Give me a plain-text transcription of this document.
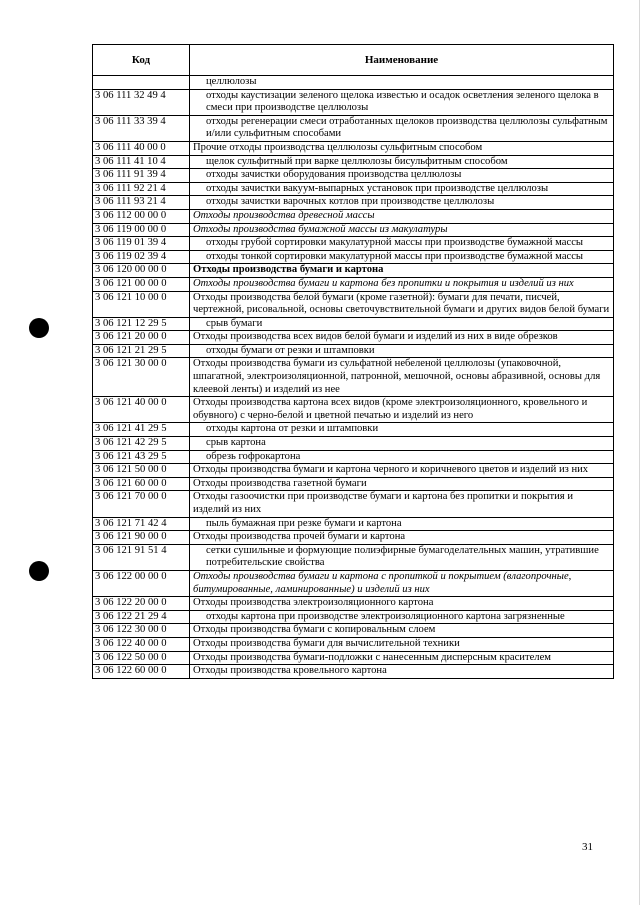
Код	Наименование
	целлюлозы
3 06 111 32 49 4	отходы каустизации зеленого щелока известью и осадок осветления зеленого щелока в смеси при производстве целлюлозы
3 06 111 33 39 4	отходы регенерации смеси отработанных щелоков производства целлюлозы сульфатным и/или сульфитным способами
3 06 111 40 00 0	Прочие отходы производства целлюлозы сульфитным способом
3 06 111 41 10 4	щелок сульфитный при варке целлюлозы бисульфитным способом
3 06 111 91 39 4	отходы зачистки оборудования производства целлюлозы
3 06 111 92 21 4	отходы зачистки вакуум-выпарных установок при производстве целлюлозы
3 06 111 93 21 4	отходы зачистки варочных котлов при производстве целлюлозы
3 06 112 00 00 0	Отходы производства древесной массы
3 06 119 00 00 0	Отходы производства бумажной массы из макулатуры
3 06 119 01 39 4	отходы грубой сортировки макулатурной массы при производстве бумажной массы
3 06 119 02 39 4	отходы тонкой сортировки макулатурной массы при производстве бумажной массы
3 06 120 00 00 0	Отходы производства бумаги и картона
3 06 121 00 00 0	Отходы производства бумаги и картона без пропитки и покрытия и изделий из них
3 06 121 10 00 0	Отходы производства белой бумаги (кроме газетной): бумаги для печати, писчей, чертежной, рисовальной, основы светочувствительной бумаги и других видов белой бумаги
3 06 121 12 29 5	срыв бумаги
3 06 121 20 00 0	Отходы производства всех видов белой бумаги и изделий из них в виде обрезков
3 06 121 21 29 5	отходы бумаги от резки и штамповки
3 06 121 30 00 0	Отходы производства бумаги из сульфатной небеленой целлюлозы (упаковочной, шпагатной, электроизоляционной, патронной, мешочной, основы абразивной, основы для клеевой ленты) и изделий из нее
3 06 121 40 00 0	Отходы производства картона всех видов (кроме электроизоляционного, кровельного и обувного) с черно-белой и цветной печатью и изделий из него
3 06 121 41 29 5	отходы картона от резки и штамповки
3 06 121 42 29 5	срыв картона
3 06 121 43 29 5	обрезь гофрокартона
3 06 121 50 00 0	Отходы производства бумаги и картона черного и коричневого цветов и изделий из них
3 06 121 60 00 0	Отходы производства газетной бумаги
3 06 121 70 00 0	Отходы газоочистки при производстве бумаги и картона без пропитки и покрытия и изделий из них
3 06 121 71 42 4	пыль бумажная при резке бумаги и картона
3 06 121 90 00 0	Отходы производства прочей бумаги и картона
3 06 121 91 51 4	сетки сушильные и формующие полиэфирные бумагоделательных машин, утратившие потребительские свойства
3 06 122 00 00 0	Отходы производства бумаги и картона с пропиткой и покрытием (влагопрочные, битумированные, ламинированные) и изделий из них
3 06 122 20 00 0	Отходы производства электроизоляционного картона
3 06 122 21 29 4	отходы картона при производстве электроизоляционного картона загрязненные
3 06 122 30 00 0	Отходы производства бумаги с копировальным слоем
3 06 122 40 00 0	Отходы производства бумаги для вычислительной техники
3 06 122 50 00 0	Отходы производства бумаги-подложки с нанесенным дисперсным красителем
3 06 122 60 00 0	Отходы производства кровельного картона
31
